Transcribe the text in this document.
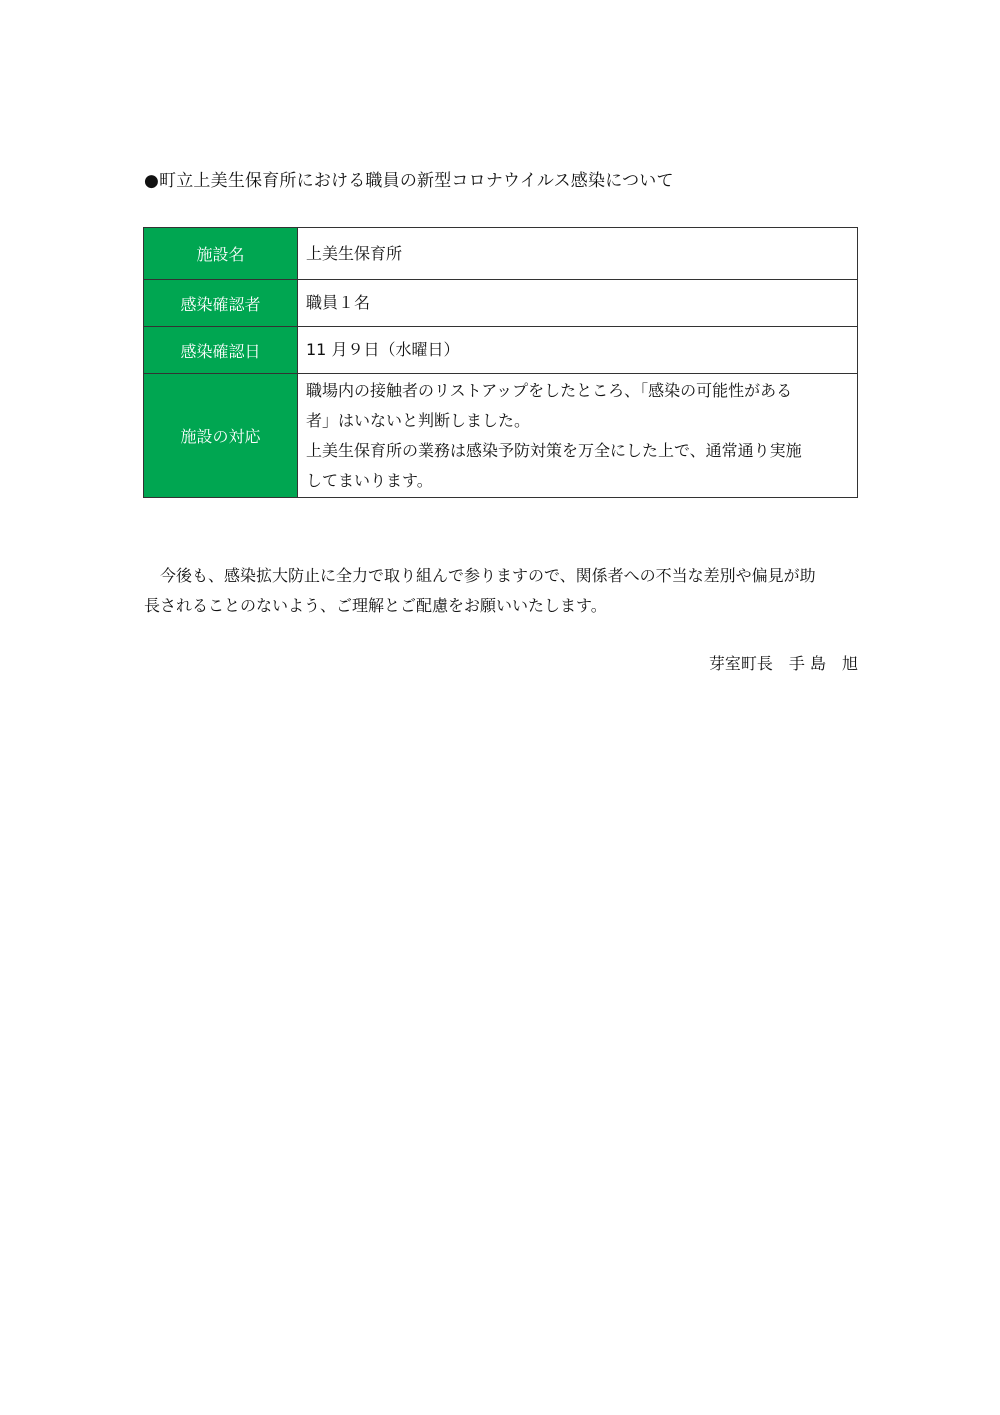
●町立上美生保育所における職員の新型コロナウイルス感染について
施設名	上美生保育所
感染確認者	職員１名
感染確認日	11 月９日（水曜日）
施設の対応	職場内の接触者のリストアップをしたところ、「感染の可能性がある
者」はいないと判断しました。
上美生保育所の業務は感染予防対策を万全にした上で、通常通り実施
してまいります。
今後も、感染拡大防止に全力で取り組んで参りますので、関係者への不当な差別や偏見が助
長されることのないよう、ご理解とご配慮をお願いいたします。
芽室町長　手 島　旭
